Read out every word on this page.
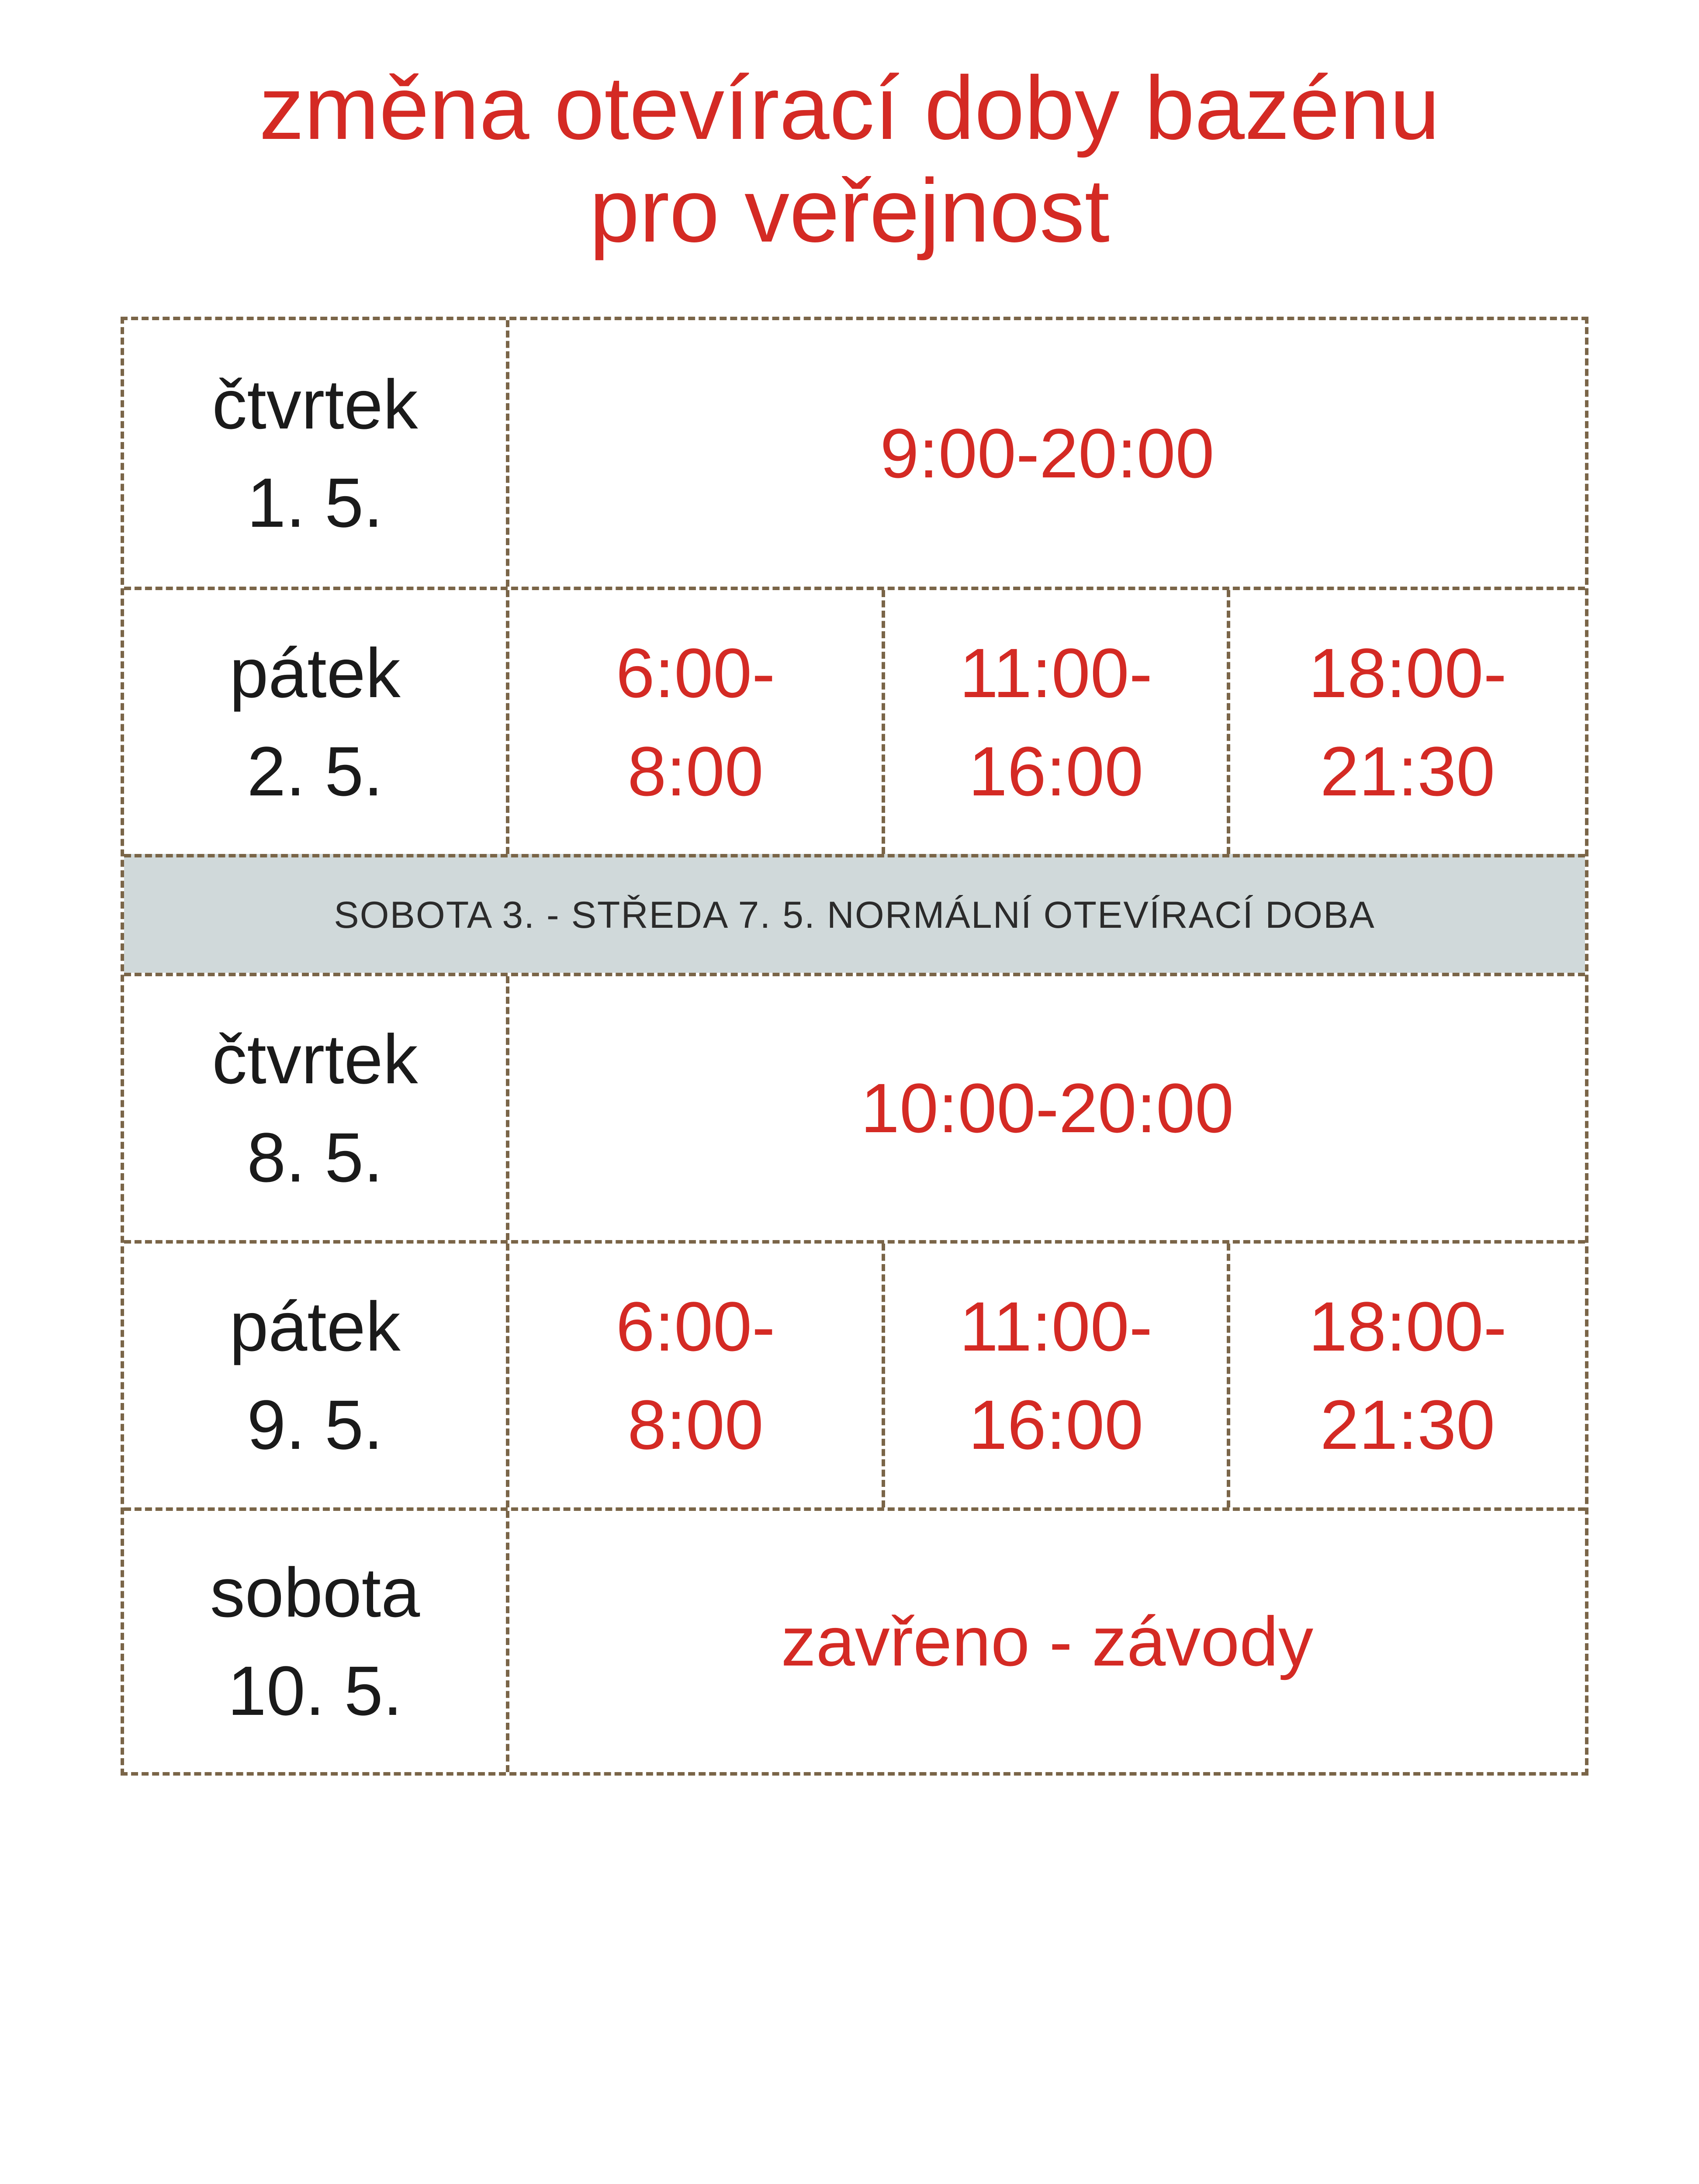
změna otevírací doby bazénu
pro veřejnost
čtvrtek
1. 5.
9:00-20:00
pátek
2. 5.
6:00-
8:00
11:00-
16:00
18:00-
21:30
SOBOTA 3. - STŘEDA 7. 5. NORMÁLNÍ OTEVÍRACÍ DOBA
čtvrtek
8. 5.
10:00-20:00
pátek
9. 5.
6:00-
8:00
11:00-
16:00
18:00-
21:30
sobota
10. 5.
zavřeno - závody
